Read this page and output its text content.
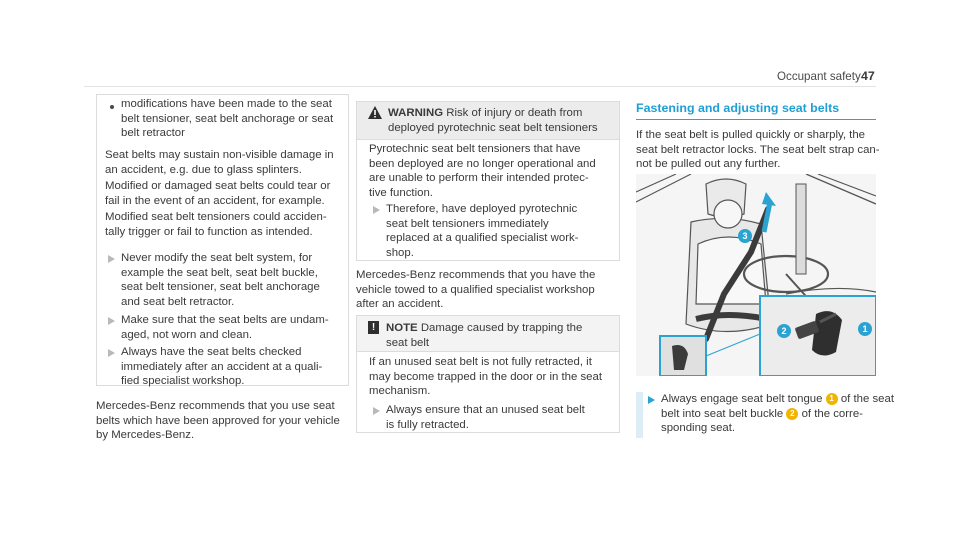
Occupant safety 47
modifications have been made to the seat
belt tensioner, seat belt anchorage or seat
belt retractor
Seat belts may sustain non-visible damage in
an accident, e.g. due to glass splinters.
Modified or damaged seat belts could tear or
fail in the event of an accident, for example.
Modified seat belt tensioners could acciden-
tally trigger or fail to function as intended.
Never modify the seat belt system, for
example the seat belt, seat belt buckle,
seat belt tensioner, seat belt anchorage
and seat belt retractor.
Make sure that the seat belts are undam-
aged, not worn and clean.
Always have the seat belts checked
immediately after an accident at a quali-
fied specialist workshop.
Mercedes-Benz recommends that you use seat
belts which have been approved for your vehicle
by Mercedes-Benz.
WARNING Risk of injury or death from
deployed pyrotechnic seat belt tensioners
Pyrotechnic seat belt tensioners that have
been deployed are no longer operational and
are unable to perform their intended protec-
tive function.
Therefore, have deployed pyrotechnic
seat belt tensioners immediately
replaced at a qualified specialist work-
shop.
Mercedes-Benz recommends that you have the
vehicle towed to a qualified specialist workshop
after an accident.
! NOTE Damage caused by trapping the
seat belt
If an unused seat belt is not fully retracted, it
may become trapped in the door or in the seat
mechanism.
Always ensure that an unused seat belt
is fully retracted.
Fastening and adjusting seat belts
If the seat belt is pulled quickly or sharply, the
seat belt retractor locks. The seat belt strap can-
not be pulled out any further.
3
2	1
Always engage seat belt tongue 1 of the seat
belt into seat belt buckle 2 of the corre-
sponding seat.
